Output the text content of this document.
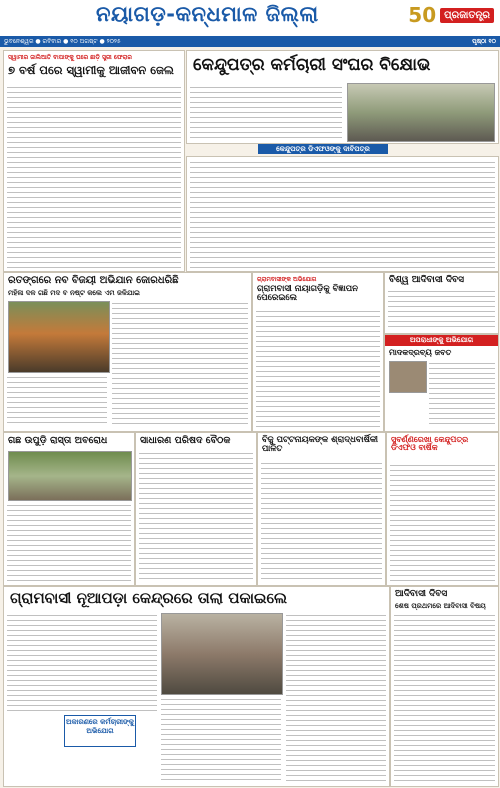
ନୟାଗଡ଼-କନ୍ଧମାଳ ଜିଲ୍ଲା	50 ପ୍ରଜାତନ୍ତ୍ର
ଭୁବନେଶ୍ୱର ● ରବିବାର ● ୧୦ ଅଗଷ୍ଟ ● ୨୦୨୫	ପୃଷ୍ଠା ୧୦
ସ୍ୱାମୀର ଜାଲିଆତି ବାପାଙ୍କୁ ଘରେ ଛାଡ଼ି ସ୍ତ୍ରୀ ଫେରାର
୭ ବର୍ଷ ପରେ ସ୍ୱାମୀକୁ ଆଜୀବନ ଜେଲ କେନ୍ଦୁପତ୍ର କର୍ମଚାରୀ ସଂଘର ବିକ୍ଷୋଭ
କେନ୍ଦୁପତ୍ର ଡିଏଫଓଙ୍କୁ ଦାବିପତ୍ର
ରତଙ୍ଗରେ ନବ ବିଜୟୀ ଅଭିଯାନ ଜୋରଧରିଛି
ମହିଳା ଦଳ ଗଛି ମଦ ବ ନଷ୍ଟ କଲେ ଏମ ଜଳିଯାଇ
ଗ୍ରାମବାସୀଙ୍କ ଅଭିଯୋଗ
ଗ୍ରାମବାସୀ ନାୟାଗଡ଼ିକୁ ବିଜ୍ଞାପନ ପେରେଇଲେ
ବିଶ୍ୱ ଆଦିବାସୀ ଦିବସ
ଅପରାଧୀଙ୍କୁ ଅଭିଯୋଗ
ମାଦକଦ୍ରବ୍ୟ ଜବତ
ଗଛ ଉପୁଡ଼ି ରାସ୍ତା ଅବରୋଧ	ସାଧାରଣ ପରିଷଦ ବୈଠକ	ବିଜୁ ପଟ୍ଟନାୟକଙ୍କ ଶ୍ରାଦ୍ଧବାର୍ଷିକୀ ପାଳିତ
ସୁବର୍ଣ୍ଣରେଖା କେନ୍ଦୁପତ୍ର ଡିଏଫଓ ବାର୍ଷିକ
ଗ୍ରାମବାସୀ ନୂଆପଡ଼ା କେନ୍ଦ୍ରରେ ତାଲା ପକାଇଲେ
ଅକାରଣରେ କର୍ମଚାରୀଙ୍କୁ ଅଭିଯୋଗ
ଆଦିବାସୀ ଦିବସ
ଶେଷ ପ୍ରଥମରେ ଆଦିବାସୀ ବିଷୟ
